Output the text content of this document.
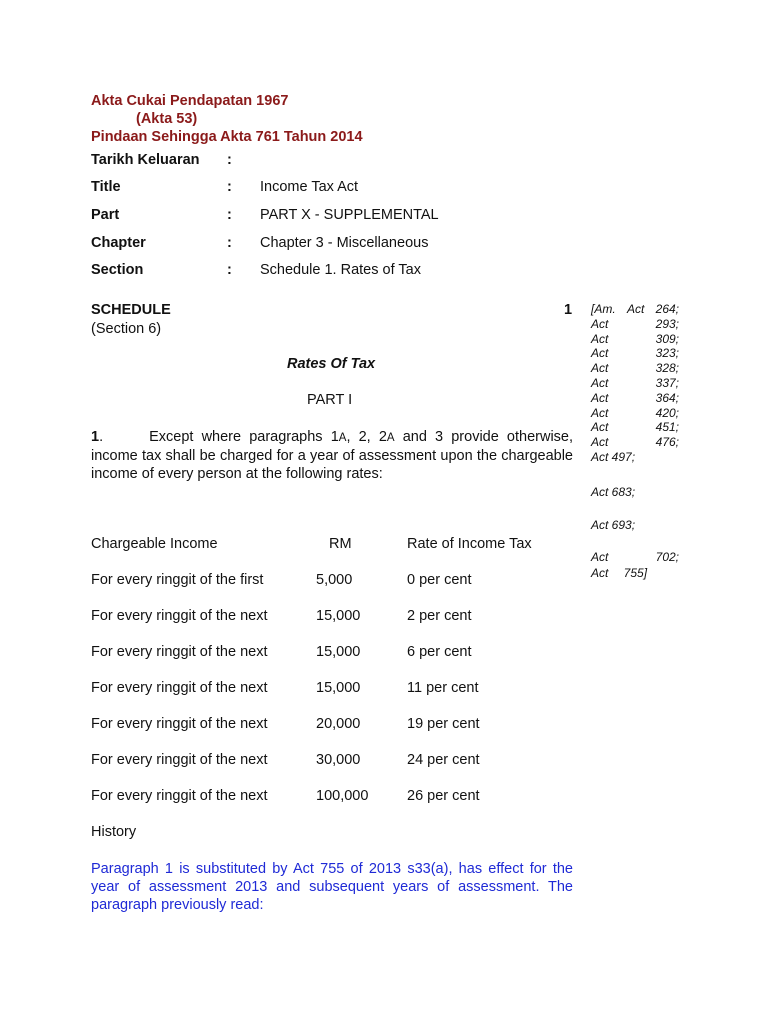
Akta Cukai Pendapatan 1967
(Akta 53)
Pindaan Sehingga Akta 761 Tahun 2014
Tarikh Keluaran :
Title	: Income Tax Act
Part	: PART X - SUPPLEMENTAL
Chapter	: Chapter 3 - Miscellaneous
Section	: Schedule 1. Rates of Tax
SCHEDULE	1
(Section 6)
Rates Of Tax
PART I
1.	Except where paragraphs 1A, 2, 2A and 3 provide otherwise, income tax shall be charged for a year of assessment upon the chargeable income of every person at the following rates:
[Am. Act 264;
Act	293;
Act	309;
Act	323;
Act	328;
Act	337;
Act	364;
Act	420;
Act	451;
Act	476;
Act 497;
Act 683;
Act 693;
Act 702; Act 755]
Chargeable Income	RM	Rate of Income Tax
For every ringgit of the first	5,000	0 per cent
For every ringgit of the next	15,000	2 per cent
For every ringgit of the next	15,000	6 per cent
For every ringgit of the next	15,000	11 per cent
For every ringgit of the next	20,000	19 per cent
For every ringgit of the next	30,000	24 per cent
For every ringgit of the next	100,000	26 per cent
History
Paragraph 1 is substituted by Act 755 of 2013 s33(a), has effect for the year of assessment 2013 and subsequent years of assessment. The paragraph previously read:
